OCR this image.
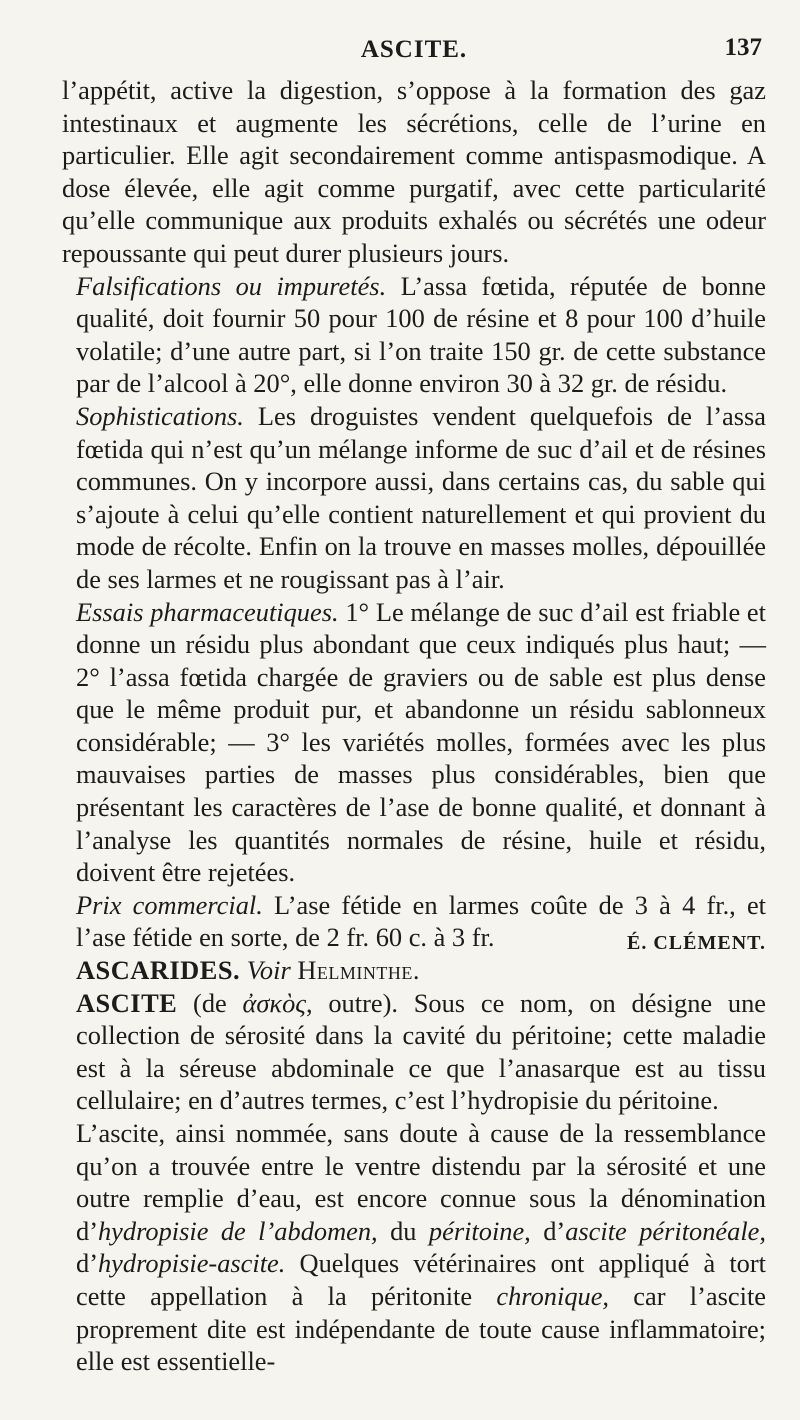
ASCITE.	137

l’appétit, active la digestion, s’oppose à la formation des gaz intestinaux et augmente les sécrétions, celle de l’urine en particulier. Elle agit secondairement comme antispasmodique. A dose élevée, elle agit comme purgatif, avec cette particularité qu’elle communique aux produits exhalés ou sécrétés une odeur repoussante qui peut durer plusieurs jours.

Falsifications ou impuretés. L’assa fœtida, réputée de bonne qualité, doit fournir 50 pour 100 de résine et 8 pour 100 d’huile volatile; d’une autre part, si l’on traite 150 gr. de cette substance par de l’alcool à 20°, elle donne environ 30 à 32 gr. de résidu.

Sophistications. Les droguistes vendent quelquefois de l’assa fœtida qui n’est qu’un mélange informe de suc d’ail et de résines communes. On y incorpore aussi, dans certains cas, du sable qui s’ajoute à celui qu’elle contient naturellement et qui provient du mode de récolte. Enfin on la trouve en masses molles, dépouillée de ses larmes et ne rougissant pas à l’air.

Essais pharmaceutiques. 1° Le mélange de suc d’ail est friable et donne un résidu plus abondant que ceux indiqués plus haut; — 2° l’assa fœtida chargée de graviers ou de sable est plus dense que le même produit pur, et abandonne un résidu sablonneux considérable; — 3° les variétés molles, formées avec les plus mauvaises parties de masses plus considérables, bien que présentant les caractères de l’ase de bonne qualité, et donnant à l’analyse les quantités normales de résine, huile et résidu, doivent être rejetées.

Prix commercial. L’ase fétide en larmes coûte de 3 à 4 fr., et l’ase fétide en sorte, de 2 fr. 60 c. à 3 fr.	É. CLÉMENT.

ASCARIDES. Voir Helminthe.

ASCITE (de ἀσκὸς, outre). Sous ce nom, on désigne une collection de sérosité dans la cavité du péritoine; cette maladie est à la séreuse abdominale ce que l’anasarque est au tissu cellulaire; en d’autres termes, c’est l’hydropisie du péritoine.

L’ascite, ainsi nommée, sans doute à cause de la ressemblance qu’on a trouvée entre le ventre distendu par la sérosité et une outre remplie d’eau, est encore connue sous la dénomination d’hydropisie de l’abdomen, du péritoine, d’ascite péritonéale, d’hydropisie-ascite. Quelques vétérinaires ont appliqué à tort cette appellation à la péritonite chronique, car l’ascite proprement dite est indépendante de toute cause inflammatoire; elle est essentielle-
